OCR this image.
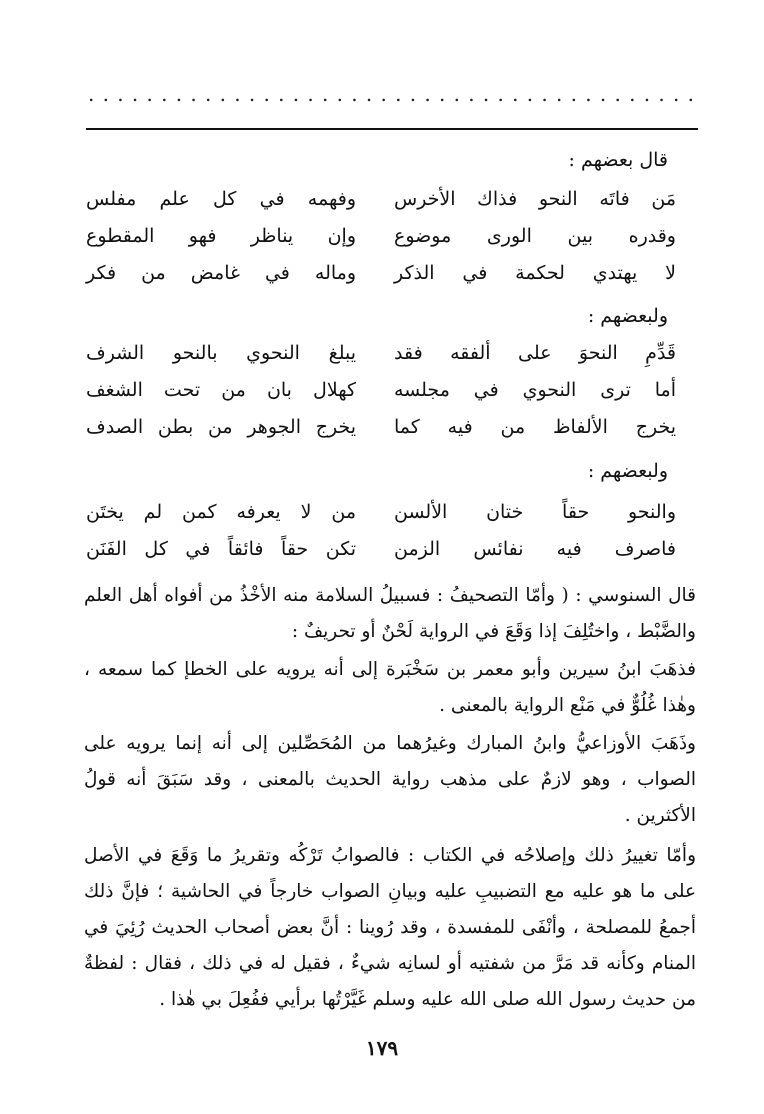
. . . . . . . . . . . . . . . . . . . . . . . . . . . . . . . . . . . . . . . . . .
قال بعضهم :
مَن فاتَه النحو فذاك الأخرس
وفهمه في كل علم مفلس
وقدره بين الورى موضوع
وإن يناظر فهو المقطوع
لا يهتدي لحكمة في الذكر
وماله في غامض من فكر
ولبعضهم :
قَدِّمِ النحوَ على ألفقه فقد
يبلغ النحوي بالنحو الشرف
أما ترى النحوي في مجلسه
كهلال بان من تحت الشغف
يخرج الألفاظ من فيه كما
يخرج الجوهر من بطن الصدف
ولبعضهم :
والنحو حقاً ختان الألسن
من لا يعرفه كمن لم يختَن
فاصرف فيه نفائس الزمن
تكن حقاً فائقاً في كل الفَنَن
قال السنوسي : ( وأمّا التصحيفُ : فسبيلُ السلامة منه الأخْذُ من أفواه أهل العلم والضَّبْط ، واختُلِفَ إذا وَقَعَ في الرواية لَحْنٌ أو تحريفٌ :
فذهَبَ ابنُ سيرين وأبو معمر بن سَخْبَرة إلى أنه يرويه على الخطإ كما سمعه ، وهٰذا غُلُوٌّ في مَنْع الرواية بالمعنى .
وذَهَبَ الأوزاعيُّ وابنُ المبارك وغيرُهما من المُحَصِّلين إلى أنه إنما يرويه على الصواب ، وهو لازمٌ على مذهب رواية الحديث بالمعنى ، وقد سَبَقَ أنه قولُ الأكثرين .
وأمّا تغييرُ ذلك وإصلاحُه في الكتاب : فالصوابُ تَرْكُه وتقريرُ ما وَقَعَ في الأصل على ما هو عليه مع التضبيبِ عليه وبيانِ الصواب خارجاً في الحاشية ؛ فإنَّ ذلك أجمعُ للمصلحة ، وأنْفَى للمفسدة ، وقد رُوينا : أنَّ بعض أصحاب الحديث رُئِيَ في المنام وكأنه قد مَرَّ من شفتيه أو لسانِه شيءٌ ، فقيل له في ذلك ، فقال : لفظةٌ من حديث رسول الله صلى الله عليه وسلم غَيَّرْتُها برأيي ففُعِلَ بي هٰذا .
١٧٩
